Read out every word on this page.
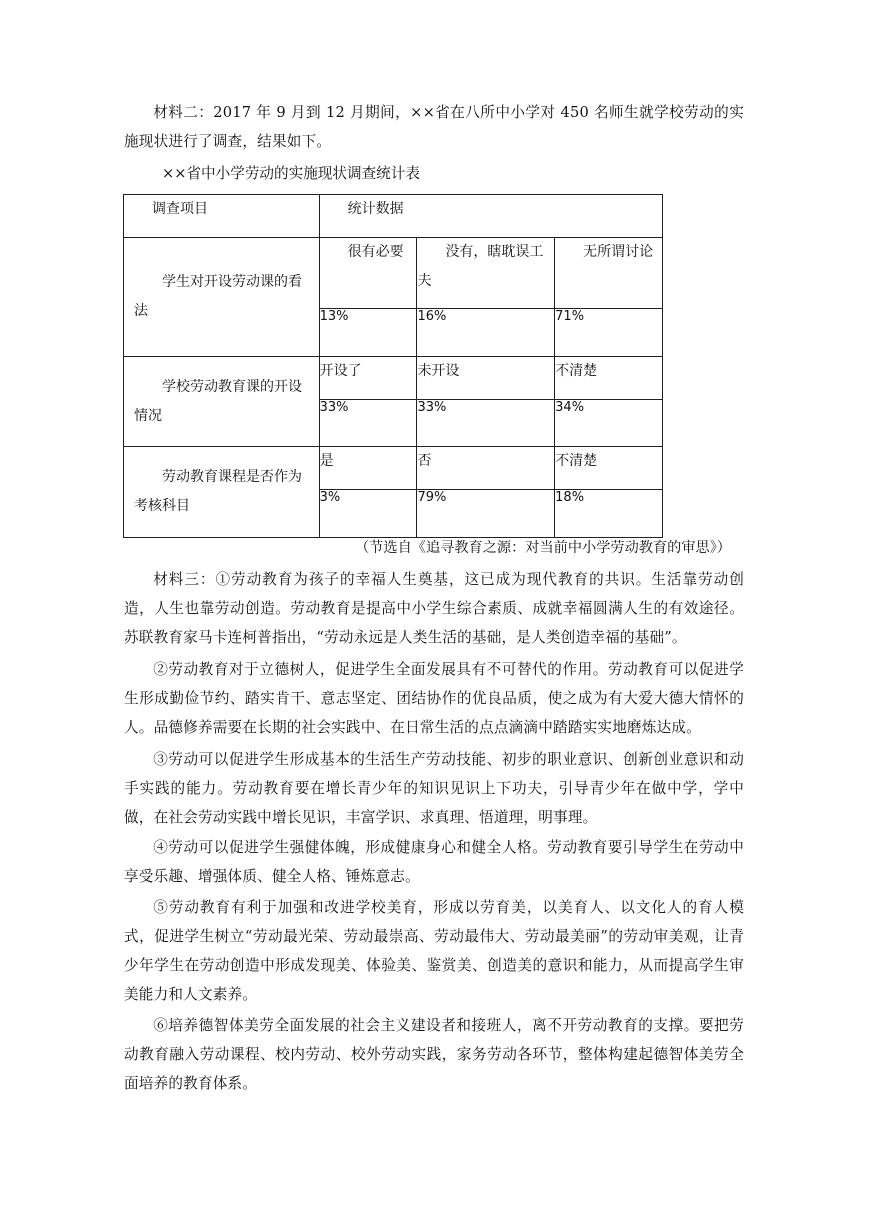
材料二：2017 年 9 月到 12 月期间，××省在八所中小学对 450 名师生就学校劳动的实施现状进行了调查，结果如下。

××省中小学劳动的实施现状调查统计表
调查项目	统计数据		
学生对开设劳动课的看法	很有必要	没有，瞎耽误工夫	无所谓讨论
	13%	16%	71%
学校劳动教育课的开设情况	开设了	未开设	不清楚
	33%	33%	34%
劳动教育课程是否作为考核科目	是	否	不清楚
	3%	79%	18%
（节选自《追寻教育之源：对当前中小学劳动教育的审思》）

材料三：①劳动教育为孩子的幸福人生奠基，这已成为现代教育的共识。生活靠劳动创造，人生也靠劳动创造。劳动教育是提高中小学生综合素质、成就幸福圆满人生的有效途径。苏联教育家马卡连柯普指出，“劳动永远是人类生活的基础，是人类创造幸福的基础”。

②劳动教育对于立德树人，促进学生全面发展具有不可替代的作用。劳动教育可以促进学生形成勤俭节约、踏实肯干、意志坚定、团结协作的优良品质，使之成为有大爱大德大情怀的人。品德修养需要在长期的社会实践中、在日常生活的点点滴滴中踏踏实实地磨炼达成。

③劳动可以促进学生形成基本的生活生产劳动技能、初步的职业意识、创新创业意识和动手实践的能力。劳动教育要在增长青少年的知识见识上下功夫，引导青少年在做中学，学中做，在社会劳动实践中增长见识，丰富学识、求真理、悟道理，明事理。

④劳动可以促进学生强健体魄，形成健康身心和健全人格。劳动教育要引导学生在劳动中享受乐趣、增强体质、健全人格、锤炼意志。

⑤劳动教育有利于加强和改进学校美育，形成以劳育美，以美育人、以文化人的育人模式，促进学生树立“劳动最光荣、劳动最崇高、劳动最伟大、劳动最美丽”的劳动审美观，让青少年学生在劳动创造中形成发现美、体验美、鉴赏美、创造美的意识和能力，从而提高学生审美能力和人文素养。

⑥培养德智体美劳全面发展的社会主义建设者和接班人，离不开劳动教育的支撑。要把劳动教育融入劳动课程、校内劳动、校外劳动实践，家务劳动各环节，整体构建起德智体美劳全面培养的教育体系。
